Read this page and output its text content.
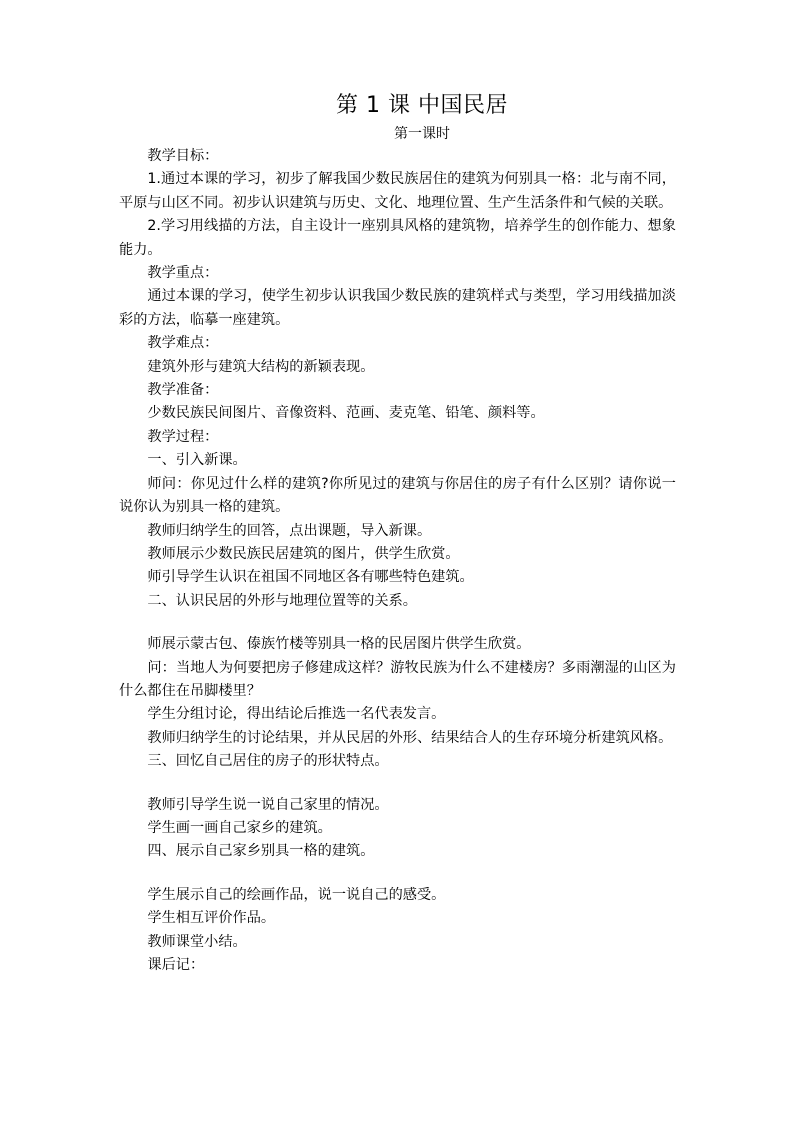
第 1 课 中国民居
第一课时

教学目标：

1.通过本课的学习，初步了解我国少数民族居住的建筑为何别具一格：北与南不同，平原与山区不同。初步认识建筑与历史、文化、地理位置、生产生活条件和气候的关联。

2.学习用线描的方法，自主设计一座别具风格的建筑物，培养学生的创作能力、想象能力。

教学重点：

通过本课的学习，使学生初步认识我国少数民族的建筑样式与类型，学习用线描加淡彩的方法，临摹一座建筑。

教学难点：

建筑外形与建筑大结构的新颖表现。

教学准备：

少数民族民间图片、音像资料、范画、麦克笔、铅笔、颜料等。

教学过程：

一、引入新课。

师问：你见过什么样的建筑?你所见过的建筑与你居住的房子有什么区别？请你说一说你认为别具一格的建筑。

教师归纳学生的回答，点出课题，导入新课。

教师展示少数民族民居建筑的图片，供学生欣赏。

师引导学生认识在祖国不同地区各有哪些特色建筑。

二、认识民居的外形与地理位置等的关系。

师展示蒙古包、傣族竹楼等别具一格的民居图片供学生欣赏。

问：当地人为何要把房子修建成这样？游牧民族为什么不建楼房？多雨潮湿的山区为什么都住在吊脚楼里？

学生分组讨论，得出结论后推选一名代表发言。

教师归纳学生的讨论结果，并从民居的外形、结果结合人的生存环境分析建筑风格。

三、回忆自己居住的房子的形状特点。

教师引导学生说一说自己家里的情况。

学生画一画自己家乡的建筑。

四、展示自己家乡别具一格的建筑。

学生展示自己的绘画作品，说一说自己的感受。

学生相互评价作品。

教师课堂小结。

课后记：
